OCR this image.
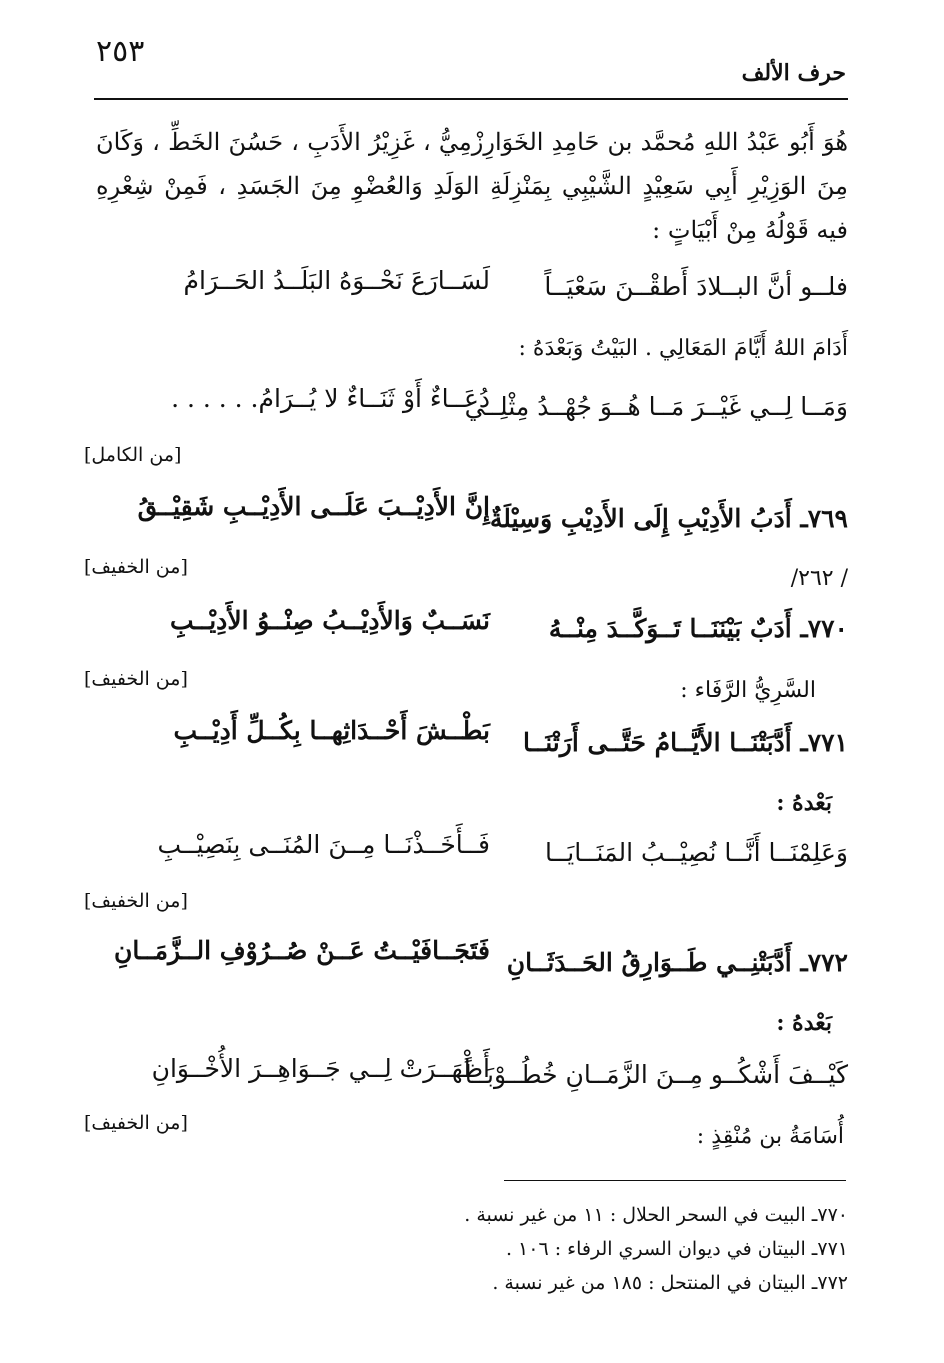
٢٥٣
حرف الألف
هُوَ أَبُو عَبْدُ اللهِ مُحمَّد بن حَامِدِ الخَوَارِزْمِيُّ ، غَزِيْرُ الأَدَبِ ، حَسُنَ الخَطِّ ، وَكَانَ مِنَ الوَزِيْرِ أَبِي سَعِيْدٍ الشَّيْبِي بِمَنْزِلَةِ الوَلَدِ وَالعُضْوِ مِنَ الجَسَدِ ، فَمِنْ شِعْرِهِ فيه قَوْلُهُ مِنْ أَبْيَاتٍ :
فلــو أنَّ البــلادَ أَطقْــنَ سَعْيَــاً
لَسَــارَعَ نَحْــوَهُ البَلَــدُ الحَــرَامُ
أَدَامَ اللهُ أَيَّامَ المَعَالِي . البَيْتُ وَبَعْدَهُ :
وَمَــا لِــي غَيْــرَ مَــا هُــوَ جُهْــدُ مِثْلِــي
دُعَــاءٌ أَوْ ثَنَــاءٌ لا يُــرَامُ. . . . . .
[من الكامل]
٧٦٩ـ أَدَبُ الأَدِيْبِ إِلَى الأَدِيْبِ وَسِيْلَةٌ
إِنَّ الأَدِيْــبَ عَلَــى الأَدِيْــبِ شَقِيْــقُ
[من الخفيف]	/ ٢٦٢/
٧٧٠ـ أَدَبٌ بَيْنَنَــا تَــوَكَّــدَ مِنْــهُ
نَسَــبٌ وَالأَدِيْــبُ صِنْــوُ الأَدِيْــبِ
[من الخفيف]	السَّرِيُّ الرَّفَاء :
٧٧١ـ أَدَّبَتْنَــا الأَيَّــامُ حَتَّــى أَرَتْنَــا
بَطْــشَ أَحْــدَاثِهــا بِكُــلِّ أَدِيْــبِ
بَعْدهُ :
وَعَلِمْنَــا أَنَّــا نُصِيْــبُ المَنَــايَــا
فَــأَخَــذْنَــا مِــنَ المُنَــى بِنَصِيْــبِ
[من الخفيف]
٧٧٢ـ أَدَّبَتْنِــي طَــوَارِقُ الحَــدَثَــانِ
فَتَجَــافَيْــتُ عَــنْ صُــرُوْفِ الــزَّمَــانِ
بَعْدهُ :
كَيْــفَ أَشْكُــو مِــنَ الزَّمَــانِ خُطُــوْبَــاً
أَظْهَــرَتْ لِــي جَــوَاهِــرَ الأُخْــوَانِ
[من الخفيف]
أُسَامَةُ بن مُنْقِذٍ :
٧٧٠ـ البيت في السحر الحلال : ١١ من غير نسبة .
٧٧١ـ البيتان في ديوان السري الرفاء : ١٠٦ .
٧٧٢ـ البيتان في المنتحل : ١٨٥ من غير نسبة .
